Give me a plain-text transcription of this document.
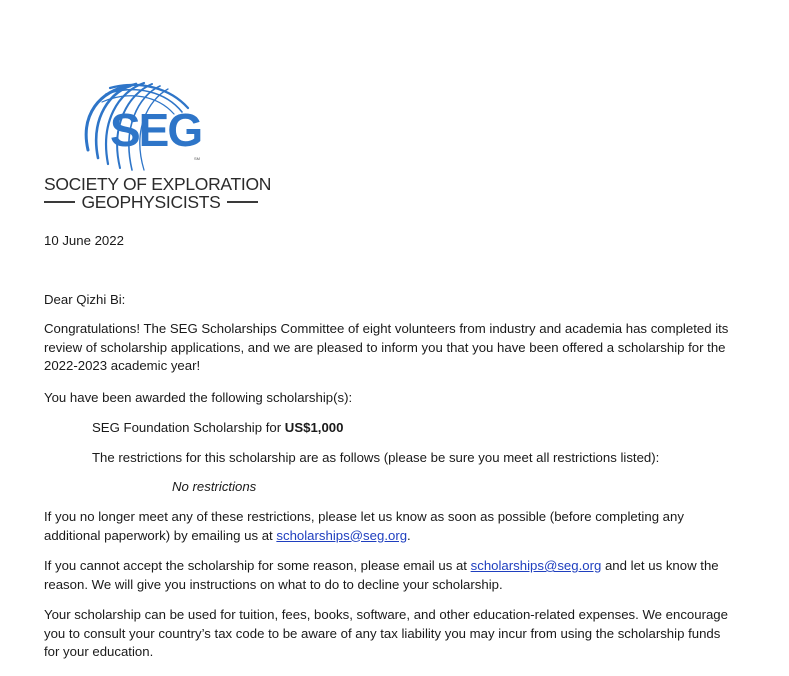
SEG
SM
SOCIETY OF EXPLORATION
GEOPHYSICISTS
10 June 2022
Dear Qizhi Bi:
Congratulations! The SEG Scholarships Committee of eight volunteers from industry and academia has completed its
review of scholarship applications, and we are pleased to inform you that you have been offered a scholarship for the
2022-2023 academic year!
You have been awarded the following scholarship(s):
SEG Foundation Scholarship for US$1,000
The restrictions for this scholarship are as follows (please be sure you meet all restrictions listed):
No restrictions
If you no longer meet any of these restrictions, please let us know as soon as possible (before completing any
additional paperwork) by emailing us at scholarships@seg.org.
If you cannot accept the scholarship for some reason, please email us at scholarships@seg.org and let us know the
reason. We will give you instructions on what to do to decline your scholarship.
Your scholarship can be used for tuition, fees, books, software, and other education-related expenses. We encourage
you to consult your country’s tax code to be aware of any tax liability you may incur from using the scholarship funds
for your education.
